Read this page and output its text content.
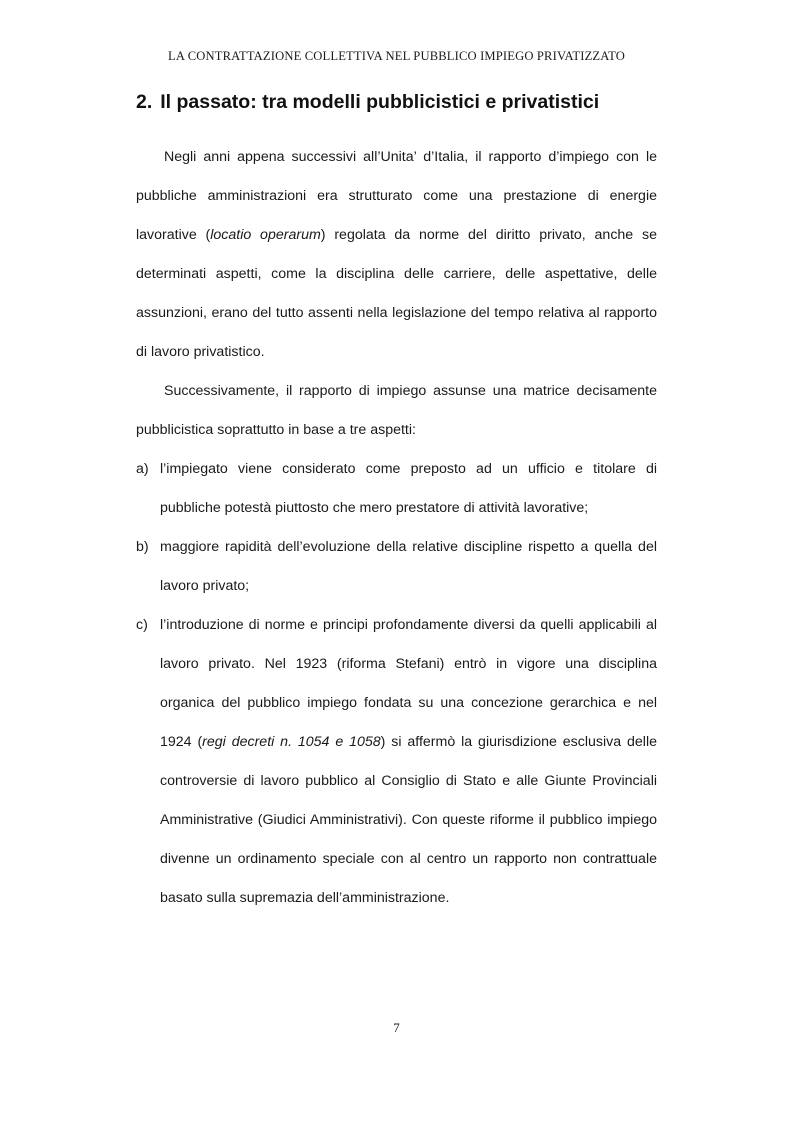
LA CONTRATTAZIONE COLLETTIVA NEL PUBBLICO IMPIEGO PRIVATIZZATO
2. Il passato: tra modelli pubblicistici e privatistici

Negli anni appena successivi all’Unita’ d’Italia, il rapporto d’impiego con le pubbliche amministrazioni era strutturato come una prestazione di energie lavorative (locatio operarum) regolata da norme del diritto privato, anche se determinati aspetti, come la disciplina delle carriere, delle aspettative, delle assunzioni, erano del tutto assenti nella legislazione del tempo relativa al rapporto di lavoro privatistico.

Successivamente, il rapporto di impiego assunse una matrice decisamente pubblicistica soprattutto in base a tre aspetti:

a) l’impiegato viene considerato come preposto ad un ufficio e titolare di pubbliche potestà piuttosto che mero prestatore di attività lavorative;
b) maggiore rapidità dell’evoluzione della relative discipline rispetto a quella del lavoro privato;
c) l’introduzione di norme e principi profondamente diversi da quelli applicabili al lavoro privato. Nel 1923 (riforma Stefani) entrò in vigore una disciplina organica del pubblico impiego fondata su una concezione gerarchica e nel 1924 (regi decreti n. 1054 e 1058) si affermò la giurisdizione esclusiva delle controversie di lavoro pubblico al Consiglio di Stato e alle Giunte Provinciali Amministrative (Giudici Amministrativi). Con queste riforme il pubblico impiego divenne un ordinamento speciale con al centro un rapporto non contrattuale basato sulla supremazia dell’amministrazione.
7
